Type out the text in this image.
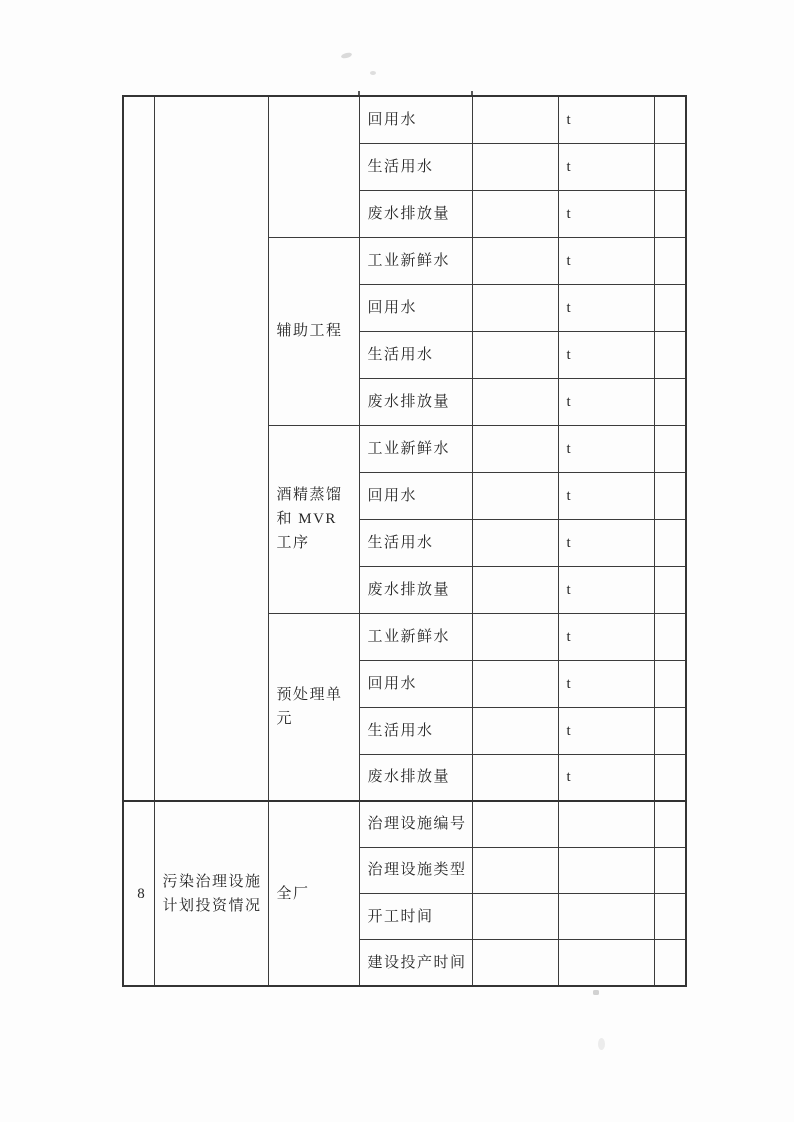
			回用水		t	
			生活用水		t	
			废水排放量		t	
		辅助工程	工业新鲜水		t	
			回用水		t	
			生活用水		t	
			废水排放量		t	
		酒精蒸馏和 MVR 工序	工业新鲜水		t	
			回用水		t	
			生活用水		t	
			废水排放量		t	
		预处理单元	工业新鲜水		t	
			回用水		t	
			生活用水		t	
			废水排放量		t	
8	污染治理设施计划投资情况	全厂	治理设施编号			
			治理设施类型			
			开工时间			
			建设投产时间			
